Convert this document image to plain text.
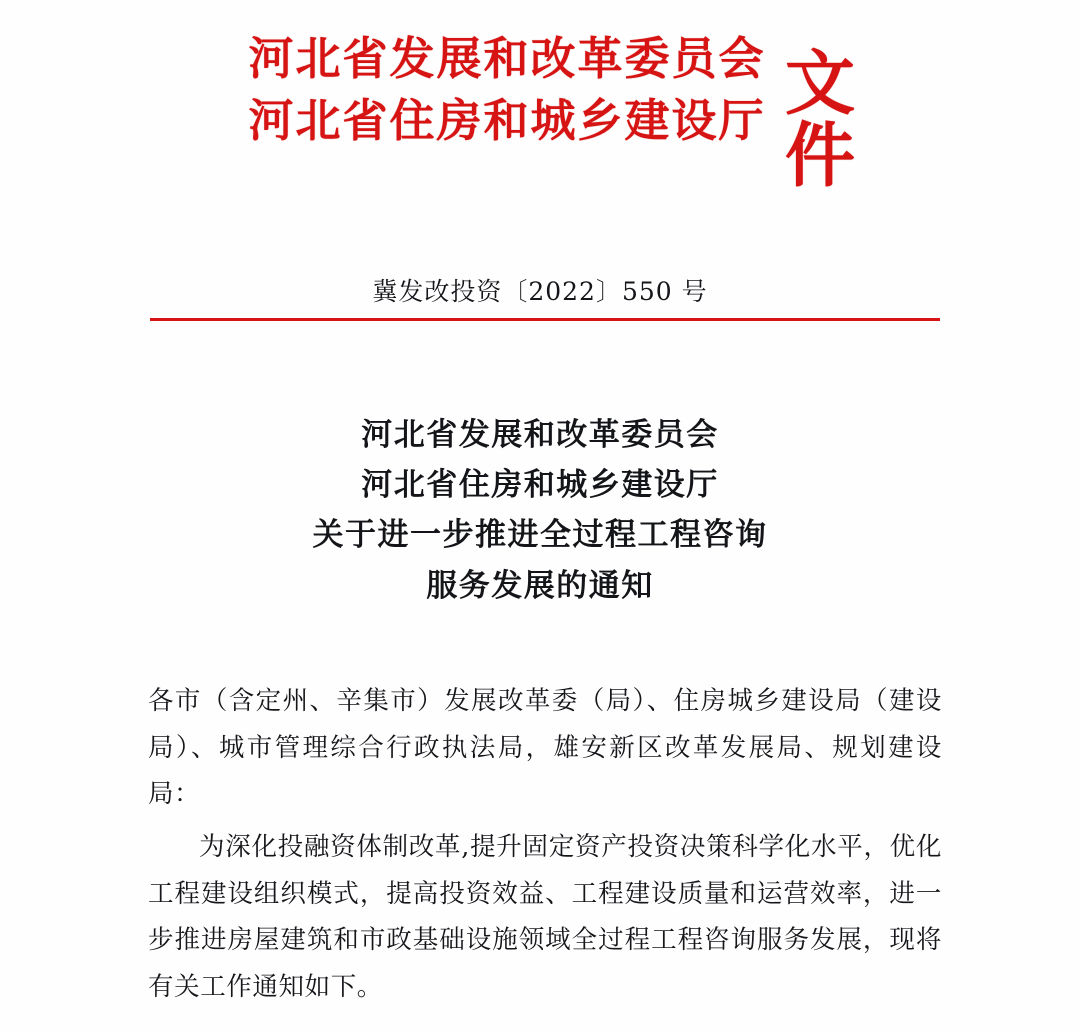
河北省发展和改革委员会
河北省住房和城乡建设厅 文件
冀发改投资〔2022〕550 号
河北省发展和改革委员会
河北省住房和城乡建设厅
关于进一步推进全过程工程咨询
服务发展的通知

各市（含定州、辛集市）发展改革委（局）、住房城乡建设局（建设局）、城市管理综合行政执法局，雄安新区改革发展局、规划建设局：

为深化投融资体制改革,提升固定资产投资决策科学化水平，优化工程建设组织模式，提高投资效益、工程建设质量和运营效率，进一步推进房屋建筑和市政基础设施领域全过程工程咨询服务发展，现将有关工作通知如下。
